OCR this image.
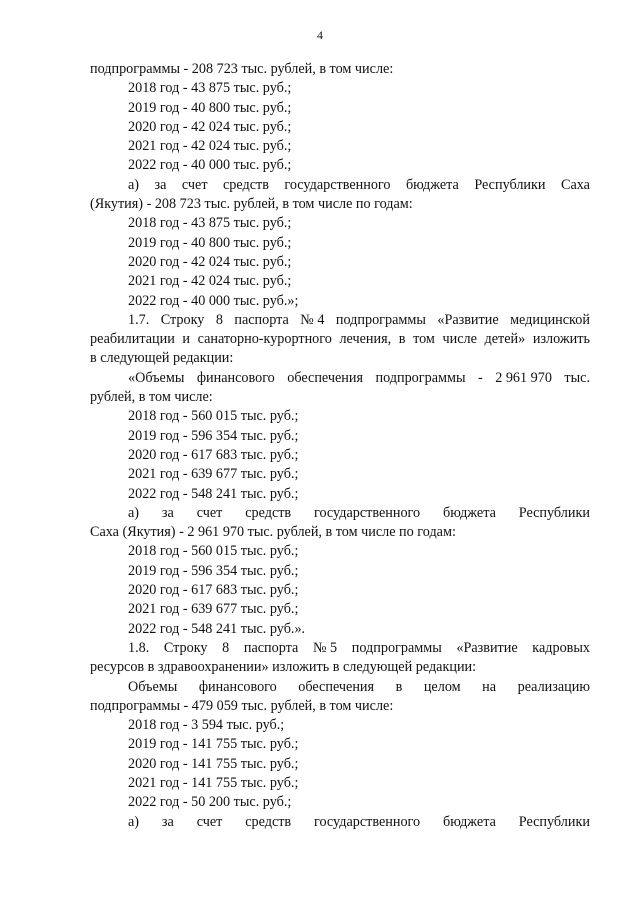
4
подпрограммы - 208 723 тыс. рублей, в том числе:
2018 год - 43 875 тыс. руб.;
2019 год - 40 800 тыс. руб.;
2020 год - 42 024 тыс. руб.;
2021 год - 42 024 тыс. руб.;
2022 год - 40 000 тыс. руб.;
а) за счет средств государственного бюджета Республики Саха
(Якутия) - 208 723 тыс. рублей, в том числе по годам:
2018 год - 43 875 тыс. руб.;
2019 год - 40 800 тыс. руб.;
2020 год - 42 024 тыс. руб.;
2021 год - 42 024 тыс. руб.;
2022 год - 40 000 тыс. руб.»;
1.7. Строку 8 паспорта № 4 подпрограммы «Развитие медицинской
реабилитации и санаторно-курортного лечения, в том числе детей» изложить
в следующей редакции:
«Объемы финансового обеспечения подпрограммы - 2 961 970 тыс.
рублей, в том числе:
2018 год - 560 015 тыс. руб.;
2019 год - 596 354 тыс. руб.;
2020 год - 617 683 тыс. руб.;
2021 год - 639 677 тыс. руб.;
2022 год - 548 241 тыс. руб.;
а) за счет средств государственного бюджета Республики
Саха (Якутия) - 2 961 970 тыс. рублей, в том числе по годам:
2018 год - 560 015 тыс. руб.;
2019 год - 596 354 тыс. руб.;
2020 год - 617 683 тыс. руб.;
2021 год - 639 677 тыс. руб.;
2022 год - 548 241 тыс. руб.».
1.8. Строку 8 паспорта № 5 подпрограммы «Развитие кадровых
ресурсов в здравоохранении» изложить в следующей редакции:
Объемы финансового обеспечения в целом на реализацию
подпрограммы - 479 059 тыс. рублей, в том числе:
2018 год - 3 594 тыс. руб.;
2019 год - 141 755 тыс. руб.;
2020 год - 141 755 тыс. руб.;
2021 год - 141 755 тыс. руб.;
2022 год - 50 200 тыс. руб.;
а) за счет средств государственного бюджета Республики
